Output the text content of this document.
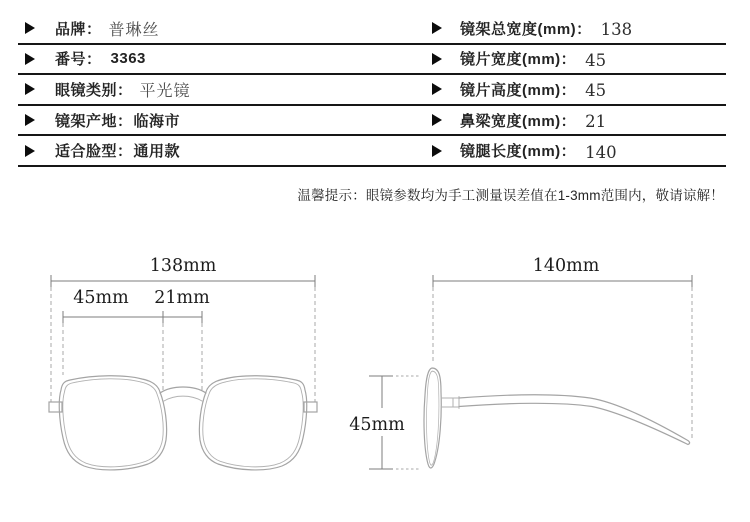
品牌： 普琳丝	镜架总宽度(mm)： 138
番号： 3363	镜片宽度(mm)： 45
眼镜类别： 平光镜	镜片高度(mm)： 45
镜架产地： 临海市	鼻梁宽度(mm)： 21
适合脸型： 通用款	镜腿长度(mm)： 140
温馨提示：眼镜参数均为手工测量误差值在1-3mm范围内，敬请谅解！
138mm
45mm 21mm
140mm
45mm
